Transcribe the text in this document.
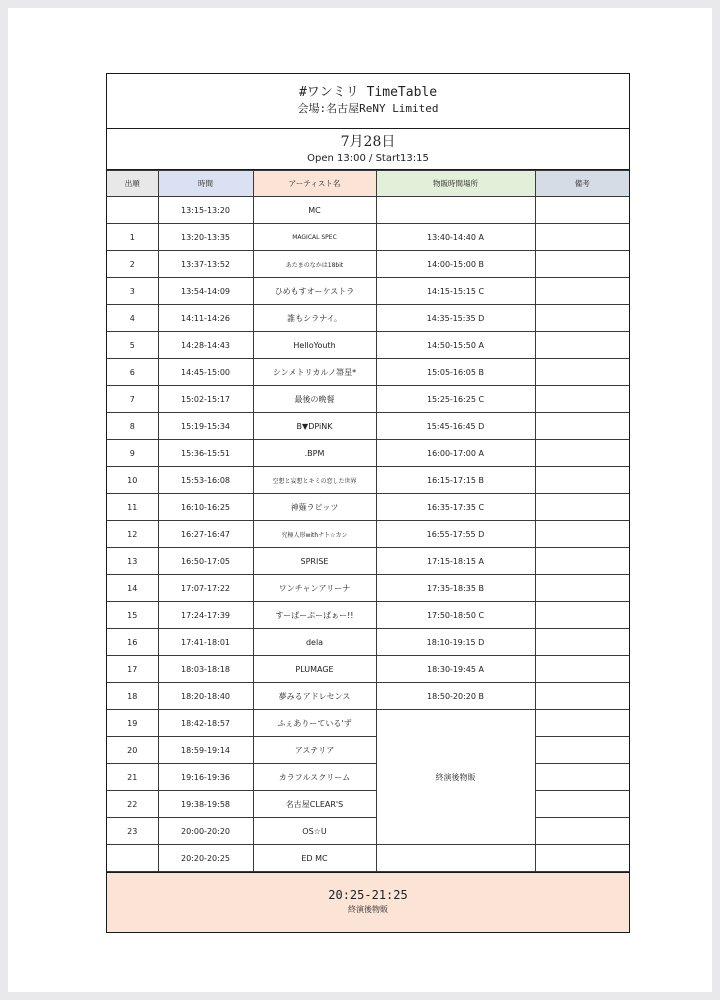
#ワンミリ TimeTable
会場:名古屋ReNY Limited
7月28日
Open 13:00 / Start13:15
出順	時間	アーティスト名	物販時間場所	備考
	13:15-13:20	MC		
1	13:20-13:35	MAGICAL SPEC	13:40-14:40 A	
2	13:37-13:52	あたまのなかは18bit	14:00-15:00 B	
3	13:54-14:09	ひめもすオーケストラ	14:15-15:15 C	
4	14:11-14:26	誰もシラナイ。	14:35-15:35 D	
5	14:28-14:43	HelloYouth	14:50-15:50 A	
6	14:45-15:00	シンメトリカルノ箒星*	15:05-16:05 B	
7	15:02-15:17	最後の晩餐	15:25-16:25 C	
8	15:19-15:34	B▼DPiNK	15:45-16:45 D	
9	15:36-15:51	.BPM	16:00-17:00 A	
10	15:53-16:08	空想と妄想とキミの恋した世界	16:15-17:15 B	
11	16:10-16:25	神薙ラビッツ	16:35-17:35 C	
12	16:27-16:47	究極人形withナト☆カン	16:55-17:55 D	
13	16:50-17:05	SPRISE	17:15-18:15 A	
14	17:07-17:22	ワンチャンアリーナ	17:35-18:35 B	
15	17:24-17:39	すーぱーぷーぱぁー!!	17:50-18:50 C	
16	17:41-18:01	dela	18:10-19:15 D	
17	18:03-18:18	PLUMAGE	18:30-19:45 A	
18	18:20-18:40	夢みるアドレセンス	18:50-20:20 B	
19	18:42-18:57	ふぇありーている'ず	終演後物販	
20	18:59-19:14	アステリア		
21	19:16-19:36	カラフルスクリーム		
22	19:38-19:58	名古屋CLEAR'S		
23	20:00-20:20	OS☆U		
	20:20-20:25	ED MC		
20:25-21:25
終演後物販
